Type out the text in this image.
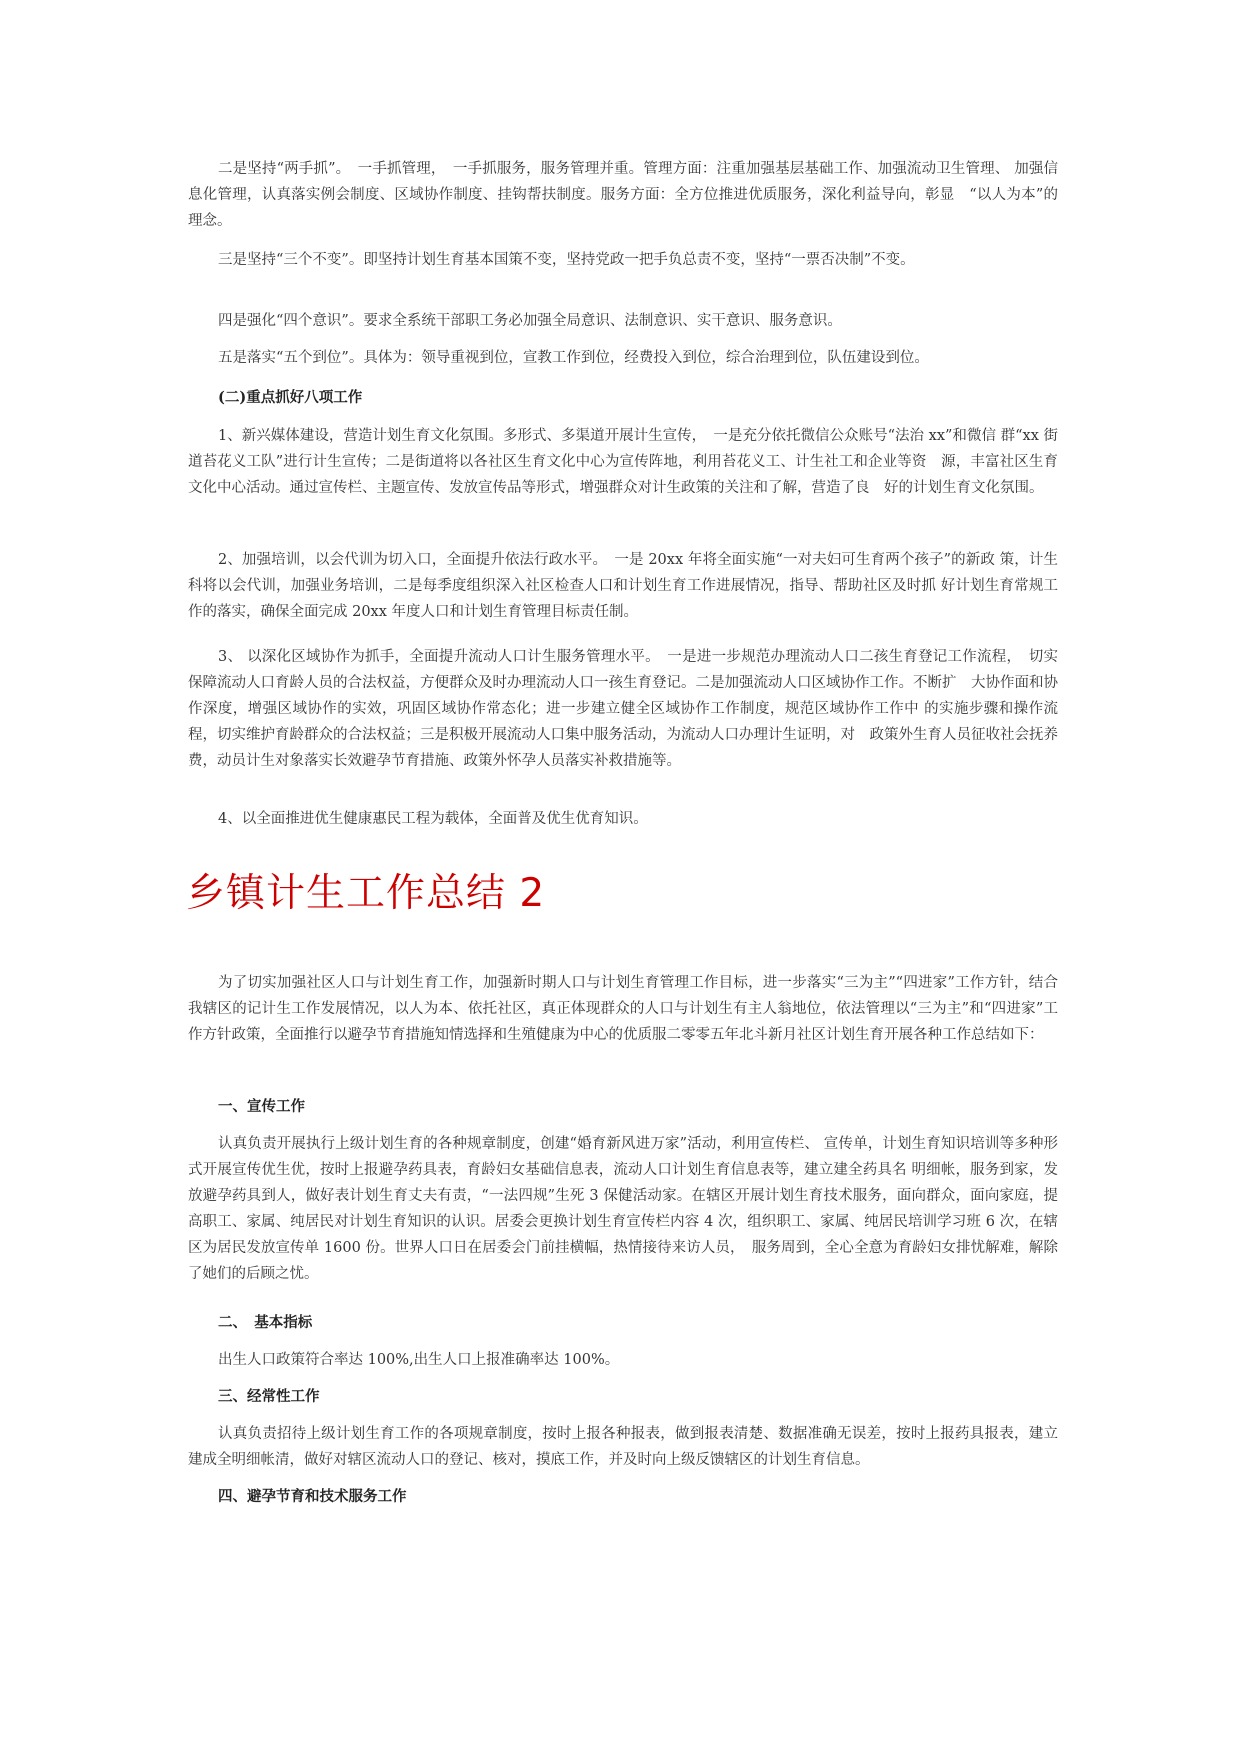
二是坚持“两手抓”。　一手抓管理，　一手抓服务，服务管理并重。管理方面：注重加强基层基础工作、加强流动卫生管理、 加强信息化管理，认真落实例会制度、区域协作制度、挂钩帮扶制度。服务方面：全方位推进优质服务，深化利益导向，彰显　“以人为本”的理念。
三是坚持“三个不变”。即坚持计划生育基本国策不变，坚持党政一把手负总责不变，坚持“一票否决制”不变。
四是强化“四个意识”。要求全系统干部职工务必加强全局意识、法制意识、实干意识、服务意识。
五是落实“五个到位”。具体为：领导重视到位，宣教工作到位，经费投入到位，综合治理到位，队伍建设到位。
(二)重点抓好八项工作
1、新兴媒体建设，营造计划生育文化氛围。多形式、多渠道开展计生宣传，　一是充分依托微信公众账号“法治 xx”和微信 群“xx 街道苔花义工队”进行计生宣传；二是街道将以各社区生育文化中心为宣传阵地，利用苔花义工、计生社工和企业等资　源，丰富社区生育文化中心活动。通过宣传栏、主题宣传、发放宣传品等形式，增强群众对计生政策的关注和了解，营造了良　好的计划生育文化氛围。
2、加强培训，以会代训为切入口，全面提升依法行政水平。　一是 20xx 年将全面实施“一对夫妇可生育两个孩子”的新政 策，计生科将以会代训，加强业务培训，二是每季度组织深入社区检查人口和计划生育工作进展情况，指导、帮助社区及时抓 好计划生育常规工作的落实，确保全面完成 20xx 年度人口和计划生育管理目标责任制。
3、 以深化区域协作为抓手，全面提升流动人口计生服务管理水平。　一是进一步规范办理流动人口二孩生育登记工作流程，　切实保障流动人口育龄人员的合法权益，方便群众及时办理流动人口一孩生育登记。二是加强流动人口区域协作工作。不断扩　大协作面和协作深度，增强区域协作的实效，巩固区域协作常态化；进一步建立健全区域协作工作制度，规范区域协作工作中 的实施步骤和操作流程，切实维护育龄群众的合法权益；三是积极开展流动人口集中服务活动，为流动人口办理计生证明，对　政策外生育人员征收社会抚养费，动员计生对象落实长效避孕节育措施、政策外怀孕人员落实补救措施等。
4、以全面推进优生健康惠民工程为载体，全面普及优生优育知识。
乡镇计生工作总结 2
为了切实加强社区人口与计划生育工作，加强新时期人口与计划生育管理工作目标，进一步落实“三为主”“四进家”工作方针，结合我辖区的记计生工作发展情况，以人为本、依托社区，真正体现群众的人口与计划生有主人翁地位，依法管理以“三为主”和“四进家”工作方针政策，全面推行以避孕节育措施知情选择和生殖健康为中心的优质服二零零五年北斗新月社区计划生育开展各种工作总结如下：
一、宣传工作
认真负责开展执行上级计划生育的各种规章制度，创建“婚育新风进万家”活动，利用宣传栏、 宣传单，计划生育知识培训等多种形式开展宣传优生优，按时上报避孕药具表，育龄妇女基础信息表，流动人口计划生育信息表等，建立建全药具名 明细帐，服务到家，发放避孕药具到人，做好表计划生育丈夫有责，“一法四规”生死 3 保健活动家。在辖区开展计划生育技术服务，面向群众，面向家庭，提高职工、家属、纯居民对计划生育知识的认识。居委会更换计划生育宣传栏内容 4 次，组织职工、家属、纯居民培训学习班 6 次，在辖区为居民发放宣传单 1600 份。世界人口日在居委会门前挂横幅，热情接待来访人员，　服务周到，全心全意为育龄妇女排忧解难，解除了她们的后顾之忧。
二、　基本指标
出生人口政策符合率达 100%,出生人口上报准确率达 100%。
三、经常性工作
认真负责招待上级计划生育工作的各项规章制度，按时上报各种报表，做到报表清楚、数据准确无误差，按时上报药具报表，建立建成全明细帐清，做好对辖区流动人口的登记、核对，摸底工作，并及时向上级反馈辖区的计划生育信息。
四、避孕节育和技术服务工作
